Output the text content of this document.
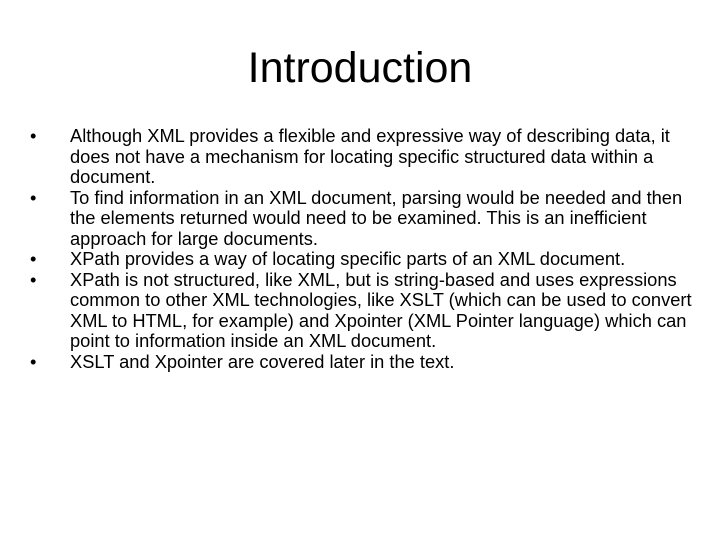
Introduction
•	Although XML provides a flexible and expressive way of describing data, it does not have a mechanism for locating specific structured data within a document.
•	To find information in an XML document, parsing would be needed and then the elements returned would need to be examined. This is an inefficient approach for large documents.
•	XPath provides a way of locating specific parts of an XML document.
•	XPath is not structured, like XML, but is string-based and uses expressions common to other XML technologies, like XSLT (which can be used to convert XML to HTML, for example) and Xpointer (XML Pointer language) which can point to information inside an XML document.
•	XSLT and Xpointer are covered later in the text.
